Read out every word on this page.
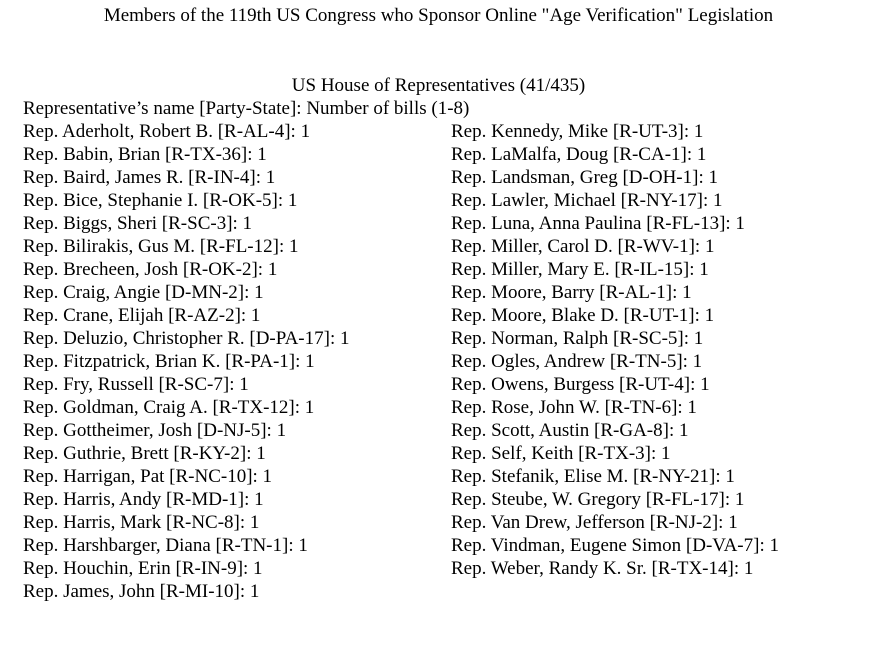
Members of the 119th US Congress who Sponsor Online "Age Verification" Legislation
US House of Representatives (41/435)
Representative’s name [Party-State]: Number of bills (1-8)
Rep. Aderholt, Robert B. [R-AL-4]: 1
Rep. Babin, Brian [R-TX-36]: 1
Rep. Baird, James R. [R-IN-4]: 1
Rep. Bice, Stephanie I. [R-OK-5]: 1
Rep. Biggs, Sheri [R-SC-3]: 1
Rep. Bilirakis, Gus M. [R-FL-12]: 1
Rep. Brecheen, Josh [R-OK-2]: 1
Rep. Craig, Angie [D-MN-2]: 1
Rep. Crane, Elijah [R-AZ-2]: 1
Rep. Deluzio, Christopher R. [D-PA-17]: 1
Rep. Fitzpatrick, Brian K. [R-PA-1]: 1
Rep. Fry, Russell [R-SC-7]: 1
Rep. Goldman, Craig A. [R-TX-12]: 1
Rep. Gottheimer, Josh [D-NJ-5]: 1
Rep. Guthrie, Brett [R-KY-2]: 1
Rep. Harrigan, Pat [R-NC-10]: 1
Rep. Harris, Andy [R-MD-1]: 1
Rep. Harris, Mark [R-NC-8]: 1
Rep. Harshbarger, Diana [R-TN-1]: 1
Rep. Houchin, Erin [R-IN-9]: 1
Rep. James, John [R-MI-10]: 1
Rep. Kennedy, Mike [R-UT-3]: 1
Rep. LaMalfa, Doug [R-CA-1]: 1
Rep. Landsman, Greg [D-OH-1]: 1
Rep. Lawler, Michael [R-NY-17]: 1
Rep. Luna, Anna Paulina [R-FL-13]: 1
Rep. Miller, Carol D. [R-WV-1]: 1
Rep. Miller, Mary E. [R-IL-15]: 1
Rep. Moore, Barry [R-AL-1]: 1
Rep. Moore, Blake D. [R-UT-1]: 1
Rep. Norman, Ralph [R-SC-5]: 1
Rep. Ogles, Andrew [R-TN-5]: 1
Rep. Owens, Burgess [R-UT-4]: 1
Rep. Rose, John W. [R-TN-6]: 1
Rep. Scott, Austin [R-GA-8]: 1
Rep. Self, Keith [R-TX-3]: 1
Rep. Stefanik, Elise M. [R-NY-21]: 1
Rep. Steube, W. Gregory [R-FL-17]: 1
Rep. Van Drew, Jefferson [R-NJ-2]: 1
Rep. Vindman, Eugene Simon [D-VA-7]: 1
Rep. Weber, Randy K. Sr. [R-TX-14]: 1
